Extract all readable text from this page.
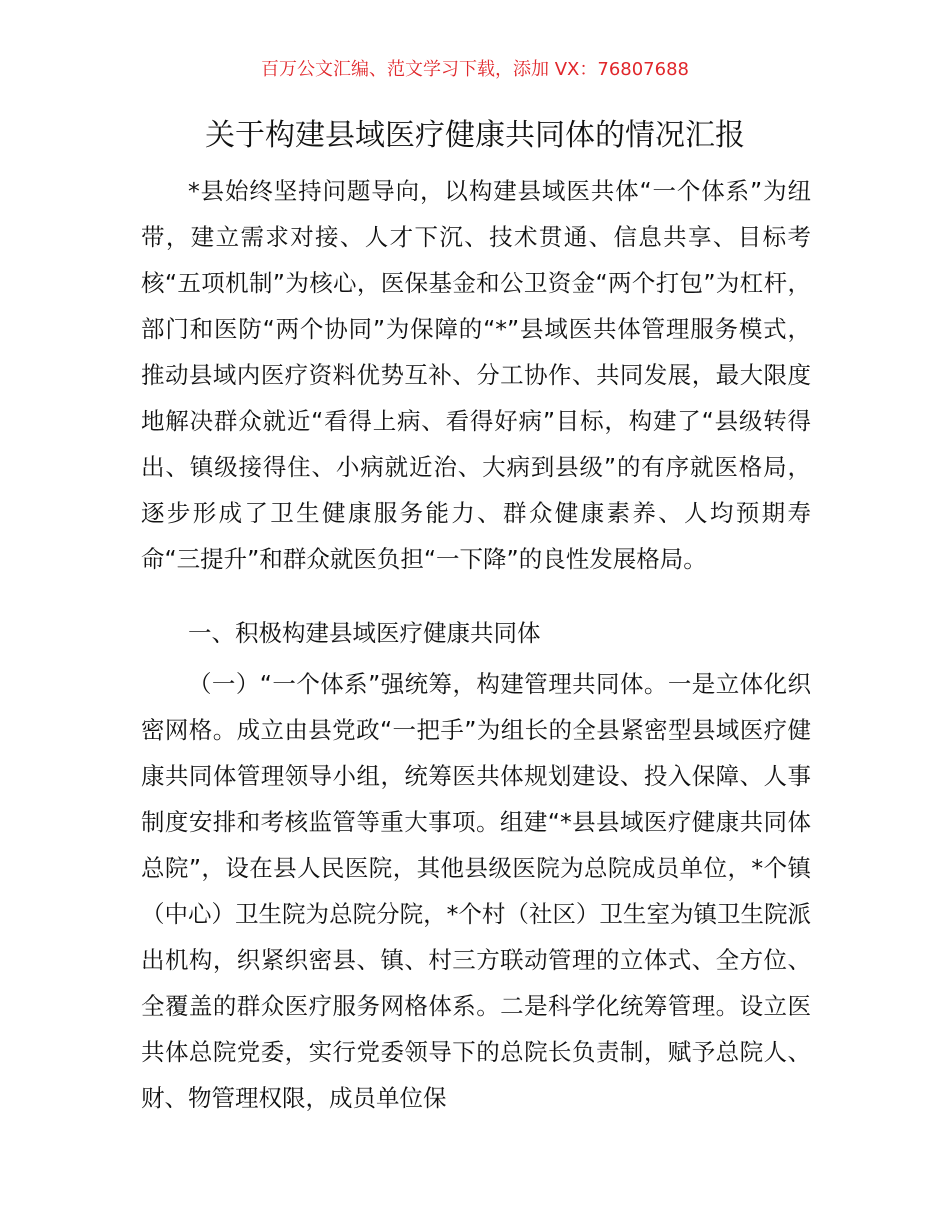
百万公文汇编、范文学习下载，添加 VX：76807688
关于构建县域医疗健康共同体的情况汇报
*县始终坚持问题导向，以构建县域医共体“一个体系”为纽带，建立需求对接、人才下沉、技术贯通、信息共享、目标考核“五项机制”为核心，医保基金和公卫资金“两个打包”为杠杆，部门和医防“两个协同”为保障的“*”县域医共体管理服务模式，推动县域内医疗资料优势互补、分工协作、共同发展，最大限度地解决群众就近“看得上病、看得好病”目标，构建了“县级转得出、镇级接得住、小病就近治、大病到县级”的有序就医格局，逐步形成了卫生健康服务能力、群众健康素养、人均预期寿命“三提升”和群众就医负担“一下降”的良性发展格局。
一、积极构建县域医疗健康共同体
（一）“一个体系”强统筹，构建管理共同体。一是立体化织密网格。成立由县党政“一把手”为组长的全县紧密型县域医疗健康共同体管理领导小组，统筹医共体规划建设、投入保障、人事制度安排和考核监管等重大事项。组建“*县县域医疗健康共同体总院”，设在县人民医院，其他县级医院为总院成员单位，*个镇（中心）卫生院为总院分院，*个村（社区）卫生室为镇卫生院派出机构，织紧织密县、镇、村三方联动管理的立体式、全方位、全覆盖的群众医疗服务网格体系。二是科学化统筹管理。设立医共体总院党委，实行党委领导下的总院长负责制，赋予总院人、财、物管理权限，成员单位保
